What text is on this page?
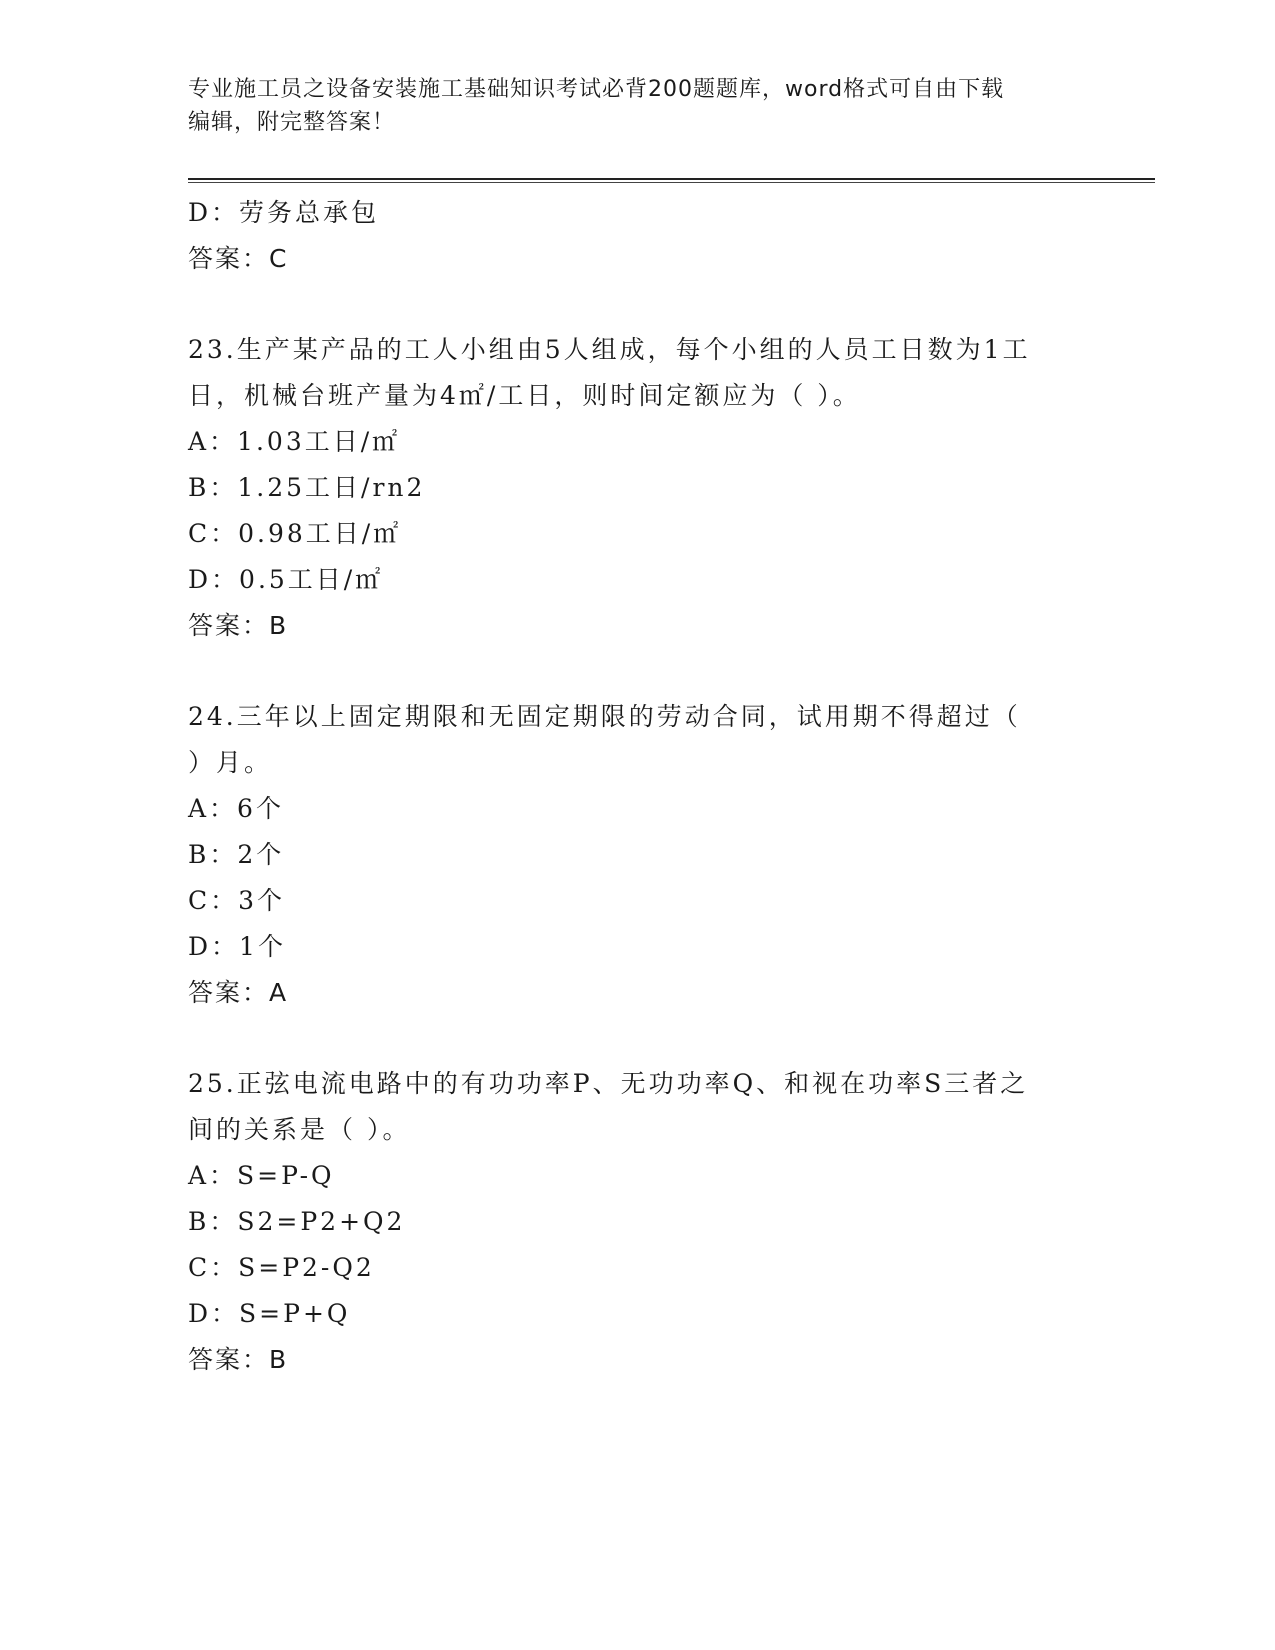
专业施工员之设备安装施工基础知识考试必背200题题库，word格式可自由下载
编辑，附完整答案！
D：劳务总承包
答案：C
23.生产某产品的工人小组由5人组成，每个小组的人员工日数为1工
日，机械台班产量为4㎡/工日，则时间定额应为（ ）。
A：1.03工日/㎡
B：1.25工日/rn2
C：0.98工日/㎡
D：0.5工日/㎡
答案：B
24.三年以上固定期限和无固定期限的劳动合同，试用期不得超过（
）月。
A：6个
B：2个
C：3个
D：1个
答案：A
25.正弦电流电路中的有功功率P、无功功率Q、和视在功率S三者之
间的关系是（ ）。
A：S=P-Q
B：S2=P2+Q2
C：S=P2-Q2
D：S=P+Q
答案：B
